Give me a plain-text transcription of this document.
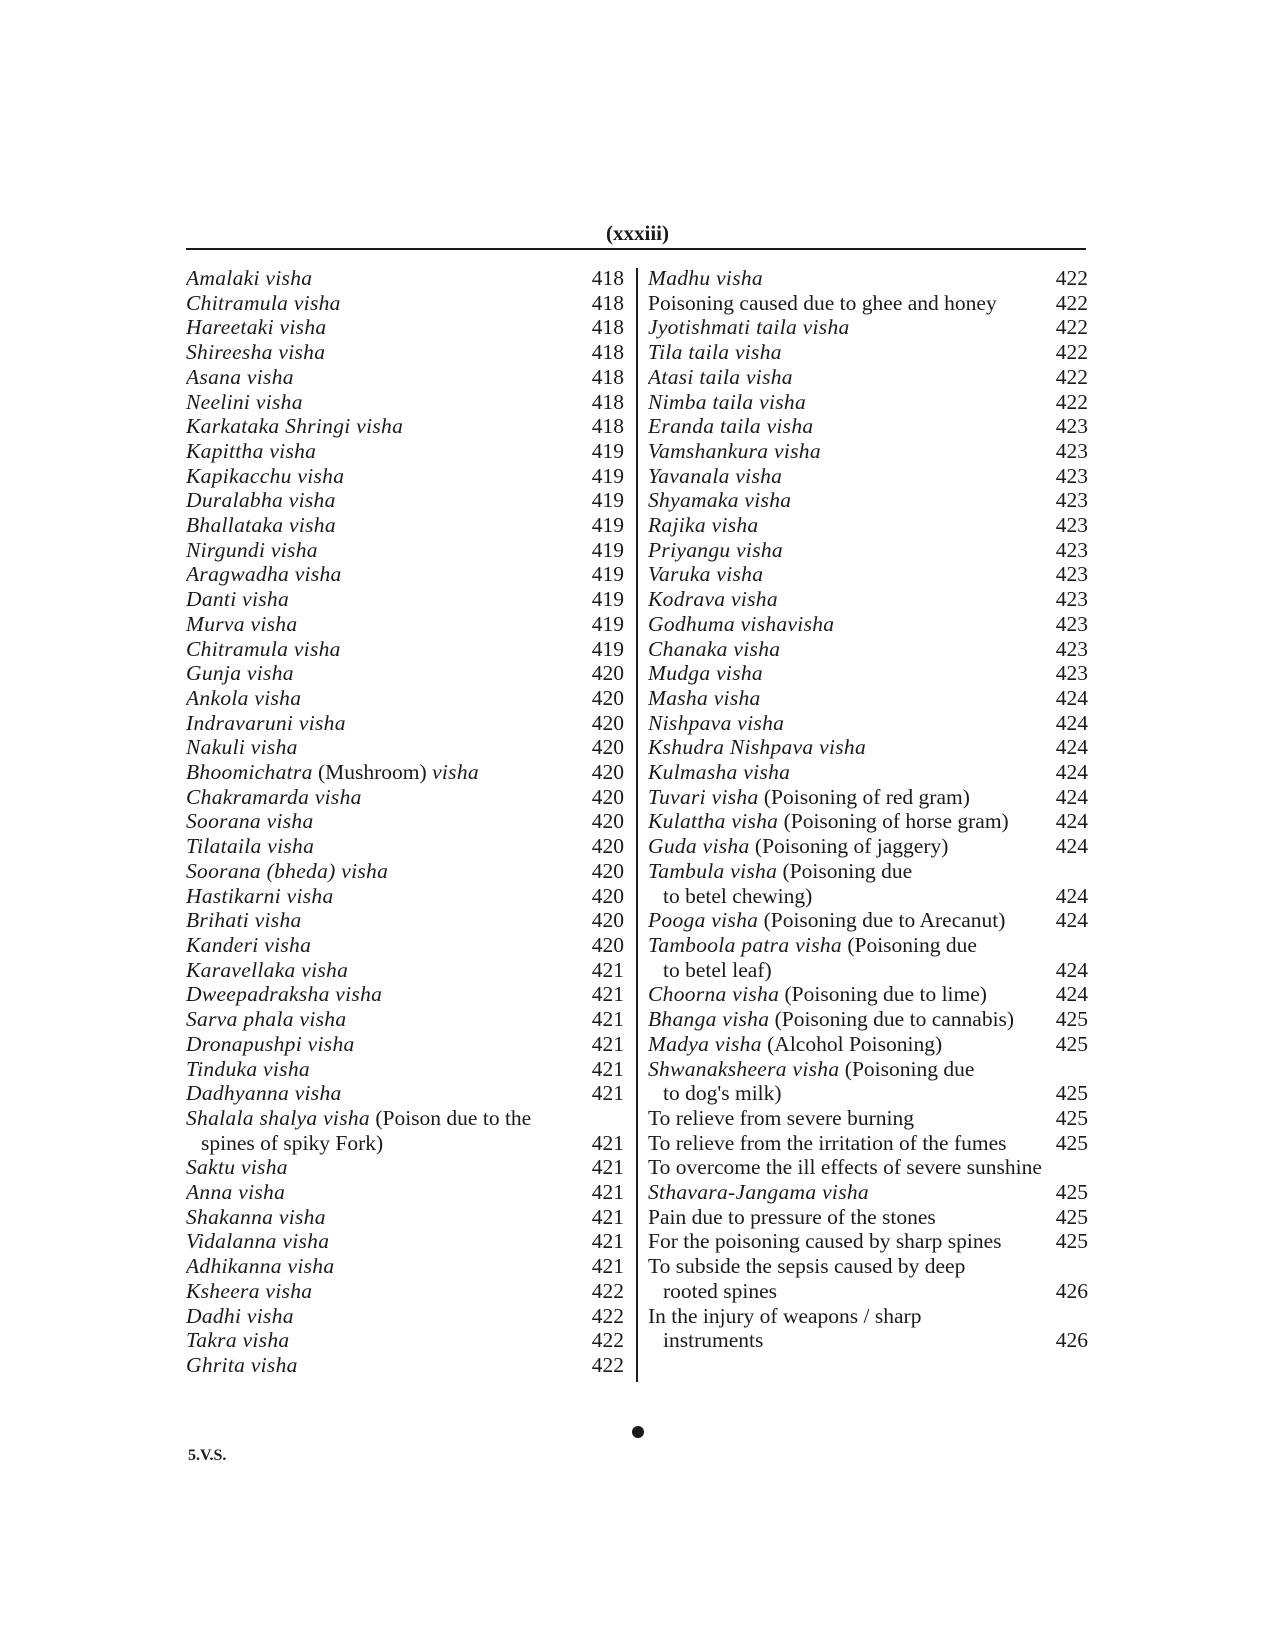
(xxxiii)
Amalaki visha	418
Chitramula visha	418
Hareetaki visha	418
Shireesha visha	418
Asana visha	418
Neelini visha	418
Karkataka Shringi visha	418
Kapittha visha	419
Kapikacchu visha	419
Duralabha visha	419
Bhallataka visha	419
Nirgundi visha	419
Aragwadha visha	419
Danti visha	419
Murva visha	419
Chitramula visha	419
Gunja visha	420
Ankola visha	420
Indravaruni visha	420
Nakuli visha	420
Bhoomichatra (Mushroom) visha	420
Chakramarda visha	420
Soorana visha	420
Tilataila visha	420
Soorana (bheda) visha	420
Hastikarni visha	420
Brihati visha	420
Kanderi visha	420
Karavellaka visha	421
Dweepadraksha visha	421
Sarva phala visha	421
Dronapushpi visha	421
Tinduka visha	421
Dadhyanna visha	421
Shalala shalya visha (Poison due to the
spines of spiky Fork)	421
Saktu visha	421
Anna visha	421
Shakanna visha	421
Vidalanna visha	421
Adhikanna visha	421
Ksheera visha	422
Dadhi visha	422
Takra visha	422
Ghrita visha	422
Madhu visha	422
Poisoning caused due to ghee and honey	422
Jyotishmati taila visha	422
Tila taila visha	422
Atasi taila visha	422
Nimba taila visha	422
Eranda taila visha	423
Vamshankura visha	423
Yavanala visha	423
Shyamaka visha	423
Rajika visha	423
Priyangu visha	423
Varuka visha	423
Kodrava visha	423
Godhuma vishavisha	423
Chanaka visha	423
Mudga visha	423
Masha visha	424
Nishpava visha	424
Kshudra Nishpava visha	424
Kulmasha visha	424
Tuvari visha (Poisoning of red gram)	424
Kulattha visha (Poisoning of horse gram) 424
Guda visha (Poisoning of jaggery)	424
Tambula visha (Poisoning due
to betel chewing)	424
Pooga visha (Poisoning due to Arecanut) 424
Tamboola patra visha (Poisoning due
to betel leaf)	424
Choorna visha (Poisoning due to lime)	424
Bhanga visha (Poisoning due to cannabis) 425
Madya visha (Alcohol Poisoning)	425
Shwanaksheera visha (Poisoning due
to dog's milk)	425
To relieve from severe burning	425
To relieve from the irritation of the fumes 425
To overcome the ill effects of severe sunshine
Sthavara-Jangama visha	425
Pain due to pressure of the stones	425
For the poisoning caused by sharp spines	425
To subside the sepsis caused by deep
rooted spines	426
In the injury of weapons / sharp
instruments	426
5.V.S.
